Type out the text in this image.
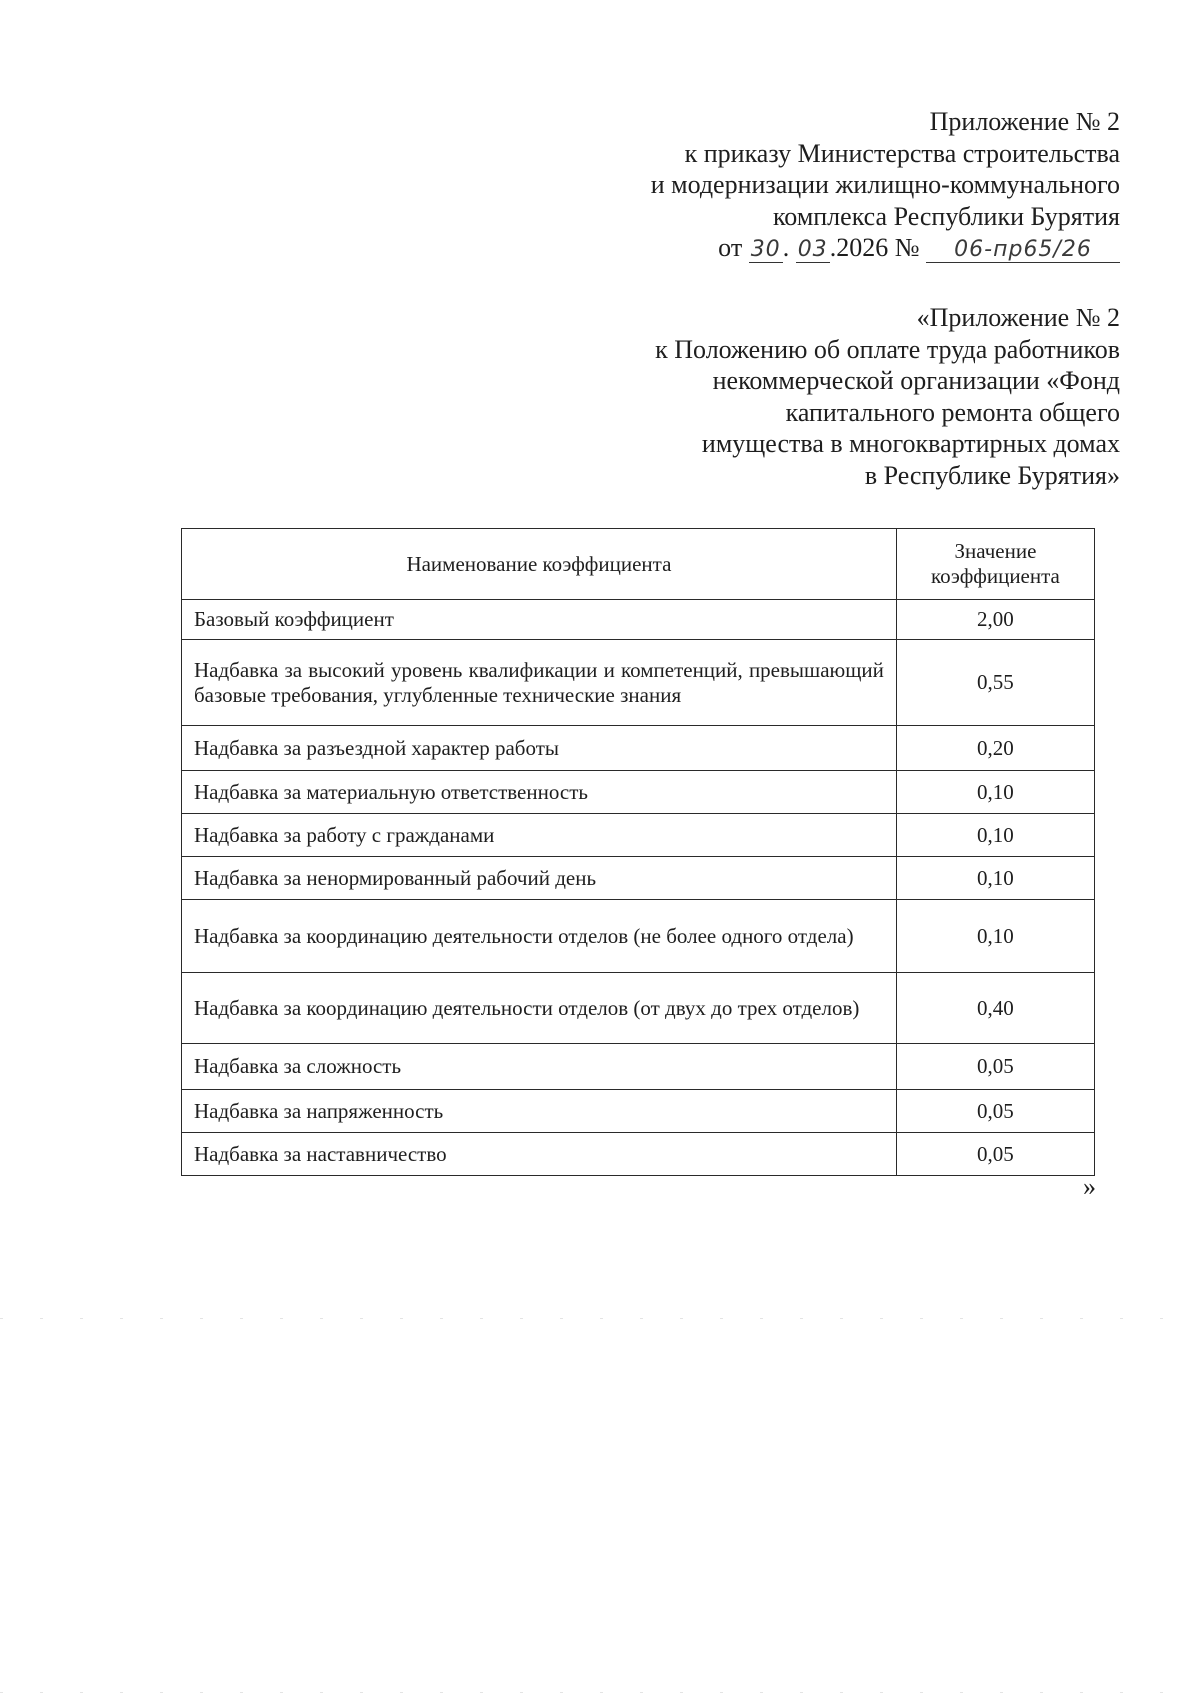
Приложение № 2
к приказу Министерства строительства
и модернизации жилищно-коммунального
комплекса Республики Бурятия
от 30. 03.2026 № 06-пр65/26
«Приложение № 2
к Положению об оплате труда работников
некоммерческой организации «Фонд
капитального ремонта общего
имущества в многоквартирных домах
в Республике Бурятия»
Наименование коэффициента	Значение коэффициента
Базовый коэффициент	2,00
Надбавка за высокий уровень квалификации и компетенций, превышающий базовые требования, углубленные технические знания	0,55
Надбавка за разъездной характер работы	0,20
Надбавка за материальную ответственность	0,10
Надбавка за работу с гражданами	0,10
Надбавка за ненормированный рабочий день	0,10
Надбавка за координацию деятельности отделов (не более одного отдела)	0,10
Надбавка за координацию деятельности отделов (от двух до трех отделов)	0,40
Надбавка за сложность	0,05
Надбавка за напряженность	0,05
Надбавка за наставничество	0,05
»
